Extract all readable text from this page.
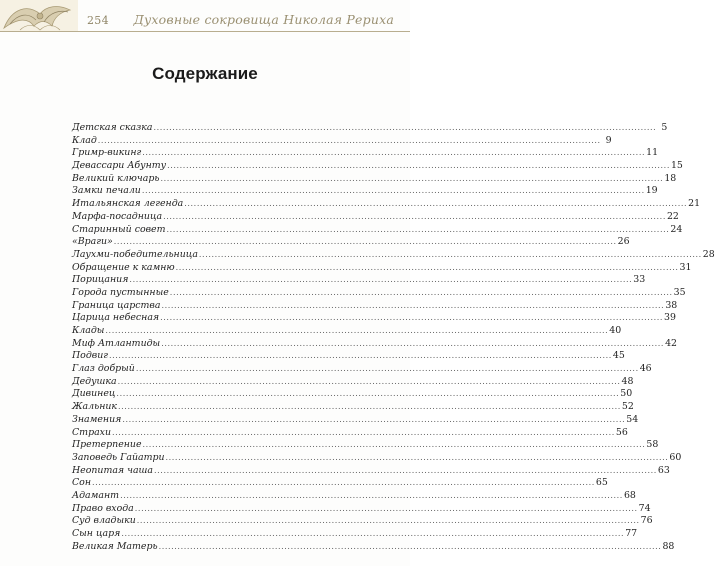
254 Духовные сокровища Николая Рериха
Содержание
Детская сказка ................................................................................................................................................................ 5
Клад ................................................................................................................................................................ 9
Гримр-викинг ................................................................................................................................................................ 11
Девассари Абунту ................................................................................................................................................................ 15
Великий ключарь ................................................................................................................................................................ 18
Замки печали ................................................................................................................................................................ 19
Итальянская легенда ................................................................................................................................................................ 21
Марфа-посадница ................................................................................................................................................................ 22
Старинный совет ................................................................................................................................................................ 24
«Враги» ................................................................................................................................................................ 26
Лаухми-победительница ................................................................................................................................................................ 28
Обращение к камню ................................................................................................................................................................ 31
Порицания ................................................................................................................................................................ 33
Города пустынные ................................................................................................................................................................ 35
Граница царства ................................................................................................................................................................ 38
Царица небесная ................................................................................................................................................................ 39
Клады ................................................................................................................................................................ 40
Миф Атлантиды ................................................................................................................................................................ 42
Подвиг ................................................................................................................................................................ 45
Глаз добрый ................................................................................................................................................................ 46
Дедушка ................................................................................................................................................................ 48
Дивинец ................................................................................................................................................................ 50
Жальник ................................................................................................................................................................ 52
Знамения ................................................................................................................................................................ 54
Страхи ................................................................................................................................................................ 56
Претерпение ................................................................................................................................................................ 58
Заповедь Гайатри ................................................................................................................................................................ 60
Неопитая чаша ................................................................................................................................................................ 63
Сон ................................................................................................................................................................ 65
Адамант ................................................................................................................................................................ 68
Право входа ................................................................................................................................................................ 74
Суд владыки ................................................................................................................................................................ 76
Сын царя ................................................................................................................................................................ 77
Великая Матерь ................................................................................................................................................................ 88
